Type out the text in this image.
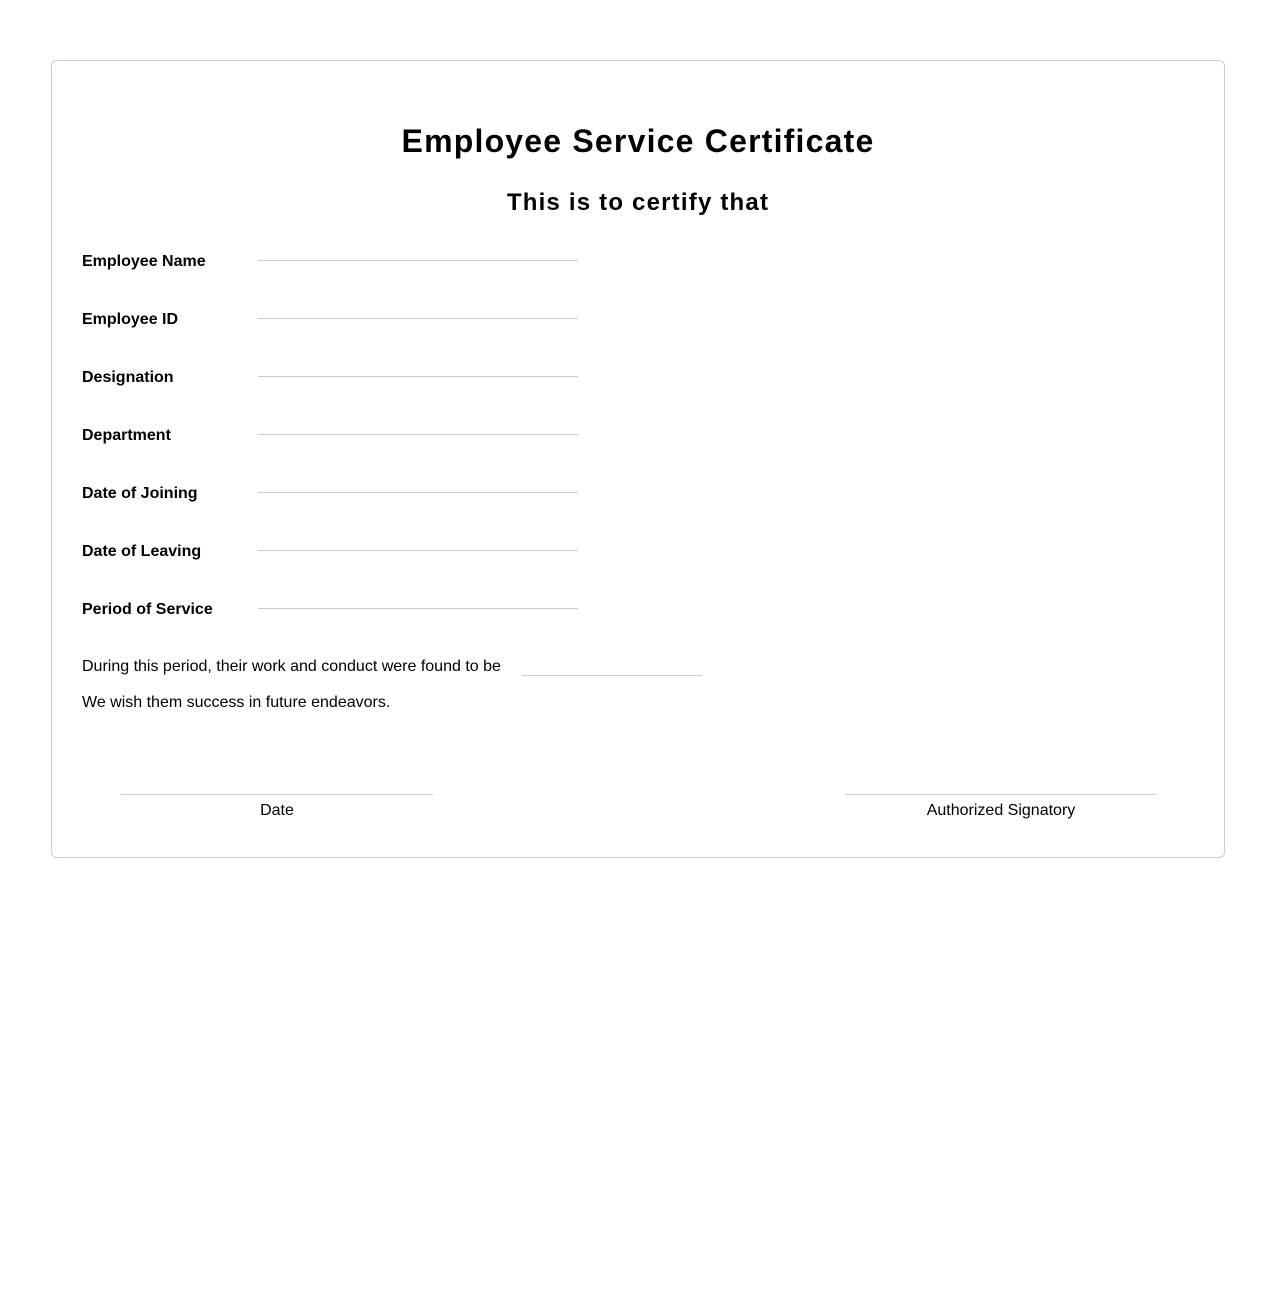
Employee Service Certificate
This is to certify that
Employee Name
Employee ID
Designation
Department
Date of Joining
Date of Leaving
Period of Service
During this period, their work and conduct were found to be
We wish them success in future endeavors.
Date	Authorized Signatory
